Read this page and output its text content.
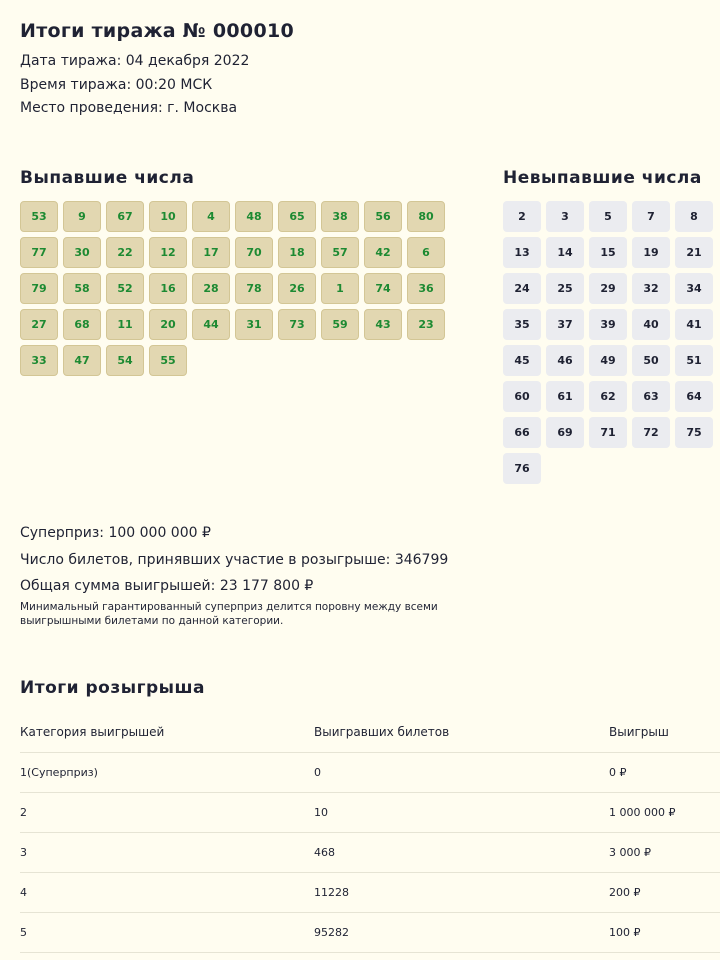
Итоги тиража № 000010
Дата тиража: 04 декабря 2022
Время тиража: 00:20 МСК
Место проведения: г. Москва
Выпавшие числа
53	9	67	10	4	48	65	38	56	80
77	30	22	12	17	70	18	57	42	6
79	58	52	16	28	78	26	1	74	36
27	68	11	20	44	31	73	59	43	23
33	47	54	55
Невыпавшие числа
2	3	5	7	8
13	14	15	19	21
24	25	29	32	34
35	37	39	40	41
45	46	49	50	51
60	61	62	63	64
66	69	71	72	75
76
Суперприз: 100 000 000 ₽
Число билетов, принявших участие в розыгрыше: 346799
Общая сумма выигрышей: 23 177 800 ₽
Минимальный гарантированный суперприз делится поровну между всеми выигрышными билетами по данной категории.
Итоги розыгрыша
Категория выигрышей	Выигравших билетов	Выигрыш
1(Суперприз)	0	0 ₽
2	10	1 000 000 ₽
3	468	3 000 ₽
4	11228	200 ₽
5	95282	100 ₽
